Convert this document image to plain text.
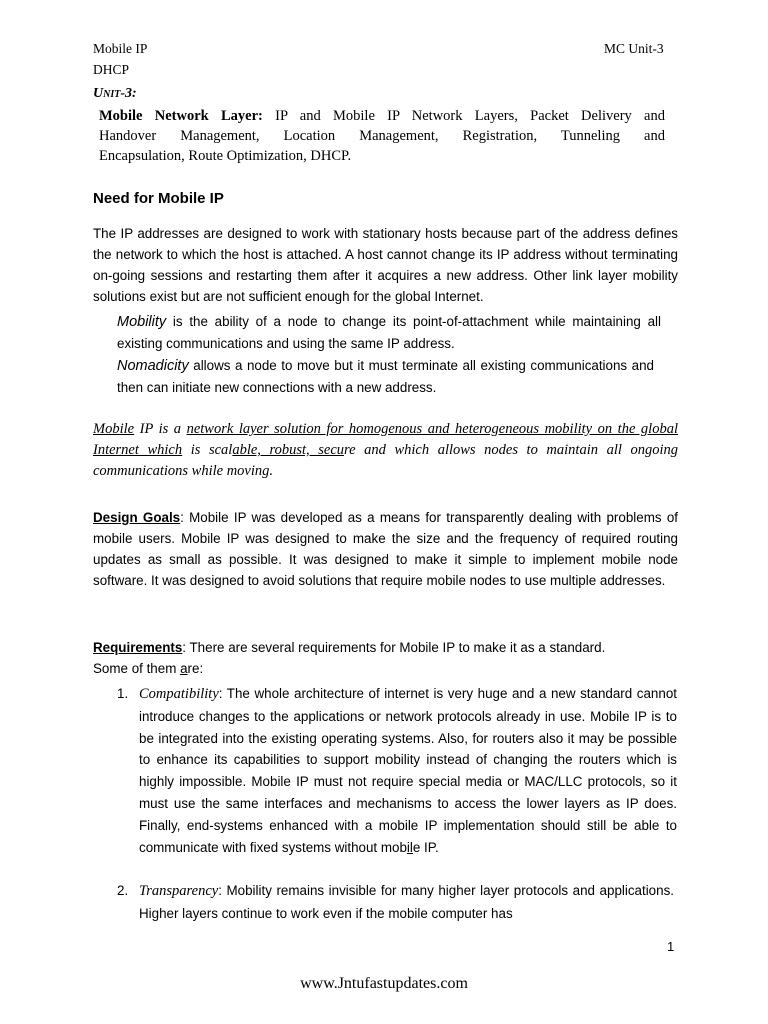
Mobile IP
DHCP
MC Unit-3
Unit-3:
Mobile Network Layer: IP and Mobile IP Network Layers, Packet Delivery and
Handover Management, Location Management, Registration, Tunneling and
Encapsulation, Route Optimization, DHCP.
Need for Mobile IP

The IP addresses are designed to work with stationary hosts because part of the address defines the network to which the host is attached. A host cannot change its IP address without terminating on-going sessions and restarting them after it acquires a new address. Other link layer mobility solutions exist but are not sufficient enough for the global Internet.

Mobility is the ability of a node to change its point-of-attachment while maintaining all existing communications and using the same IP address.

Nomadicity allows a node to move but it must terminate all existing communications and then can initiate new connections with a new address.

Mobile IP is a network layer solution for homogenous and heterogeneous mobility on the global Internet which is scalable, robust, secure and which allows nodes to maintain all ongoing communications while moving.

Design Goals: Mobile IP was developed as a means for transparently dealing with problems of mobile users. Mobile IP was designed to make the size and the frequency of required routing updates as small as possible. It was designed to make it simple to implement mobile node software. It was designed to avoid solutions that require mobile nodes to use multiple addresses.

Requirements: There are several requirements for Mobile IP to make it as a standard.
Some of them are:
1. Compatibility: The whole architecture of internet is very huge and a new standard cannot introduce changes to the applications or network protocols already in use. Mobile IP is to be integrated into the existing operating systems. Also, for routers also it may be possible to enhance its capabilities to support mobility instead of changing the routers which is highly impossible. Mobile IP must not require special media or MAC/LLC protocols, so it must use the same interfaces and mechanisms to access the lower layers as IP does. Finally, end-systems enhanced with a mobile IP implementation should still be able to communicate with fixed systems without mobile IP.

2. Transparency: Mobility remains invisible for many higher layer protocols and applications. Higher layers continue to work even if the mobile computer has

1
www.Jntufastupdates.com
